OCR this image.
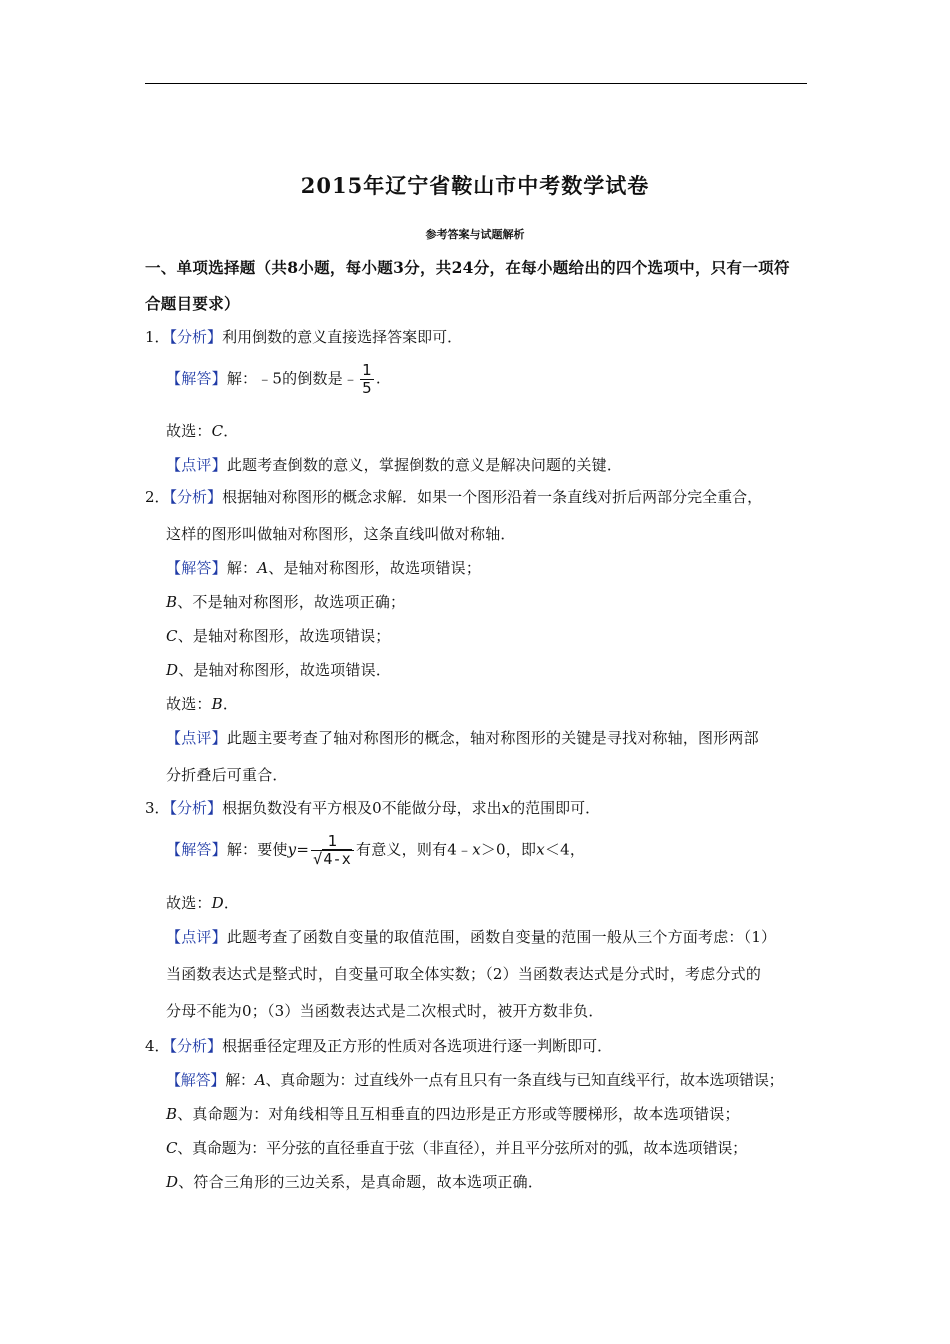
2015年辽宁省鞍山市中考数学试卷
参考答案与试题解析
一、单项选择题（共8小题，每小题3分，共24分，在每小题给出的四个选项中，只有一项符
合题目要求）
1．【分析】利用倒数的意义直接选择答案即可．
【解答】解：﹣5的倒数是﹣ $\frac{1}{5}$ .
故选：C．
【点评】此题考查倒数的意义，掌握倒数的意义是解决问题的关键．
2．【分析】根据轴对称图形的概念求解．如果一个图形沿着一条直线对折后两部分完全重合，
这样的图形叫做轴对称图形，这条直线叫做对称轴．
【解答】解：A、是轴对称图形，故选项错误；
B、不是轴对称图形，故选项正确；
C、是轴对称图形，故选项错误；
D、是轴对称图形，故选项错误．
故选：B．
【点评】此题主要考查了轴对称图形的概念，轴对称图形的关键是寻找对称轴，图形两部
分折叠后可重合．
3．【分析】根据负数没有平方根及0不能做分母，求出x的范围即可．
【解答】解：要使$y= \frac{1}{√4-x}$ 有意义，则有4﹣x＞0，即x＜4，
故选：D．
【点评】此题考查了函数自变量的取值范围，函数自变量的范围一般从三个方面考虑：（1）
当函数表达式是整式时，自变量可取全体实数；（2）当函数表达式是分式时，考虑分式的
分母不能为0；（3）当函数表达式是二次根式时，被开方数非负．
4．【分析】根据垂径定理及正方形的性质对各选项进行逐一判断即可．
【解答】解：A、真命题为：过直线外一点有且只有一条直线与已知直线平行，故本选项错误；
B、真命题为：对角线相等且互相垂直的四边形是正方形或等腰梯形，故本选项错误；
C、真命题为：平分弦的直径垂直于弦（非直径），并且平分弦所对的弧，故本选项错误；
D、符合三角形的三边关系，是真命题，故本选项正确．
